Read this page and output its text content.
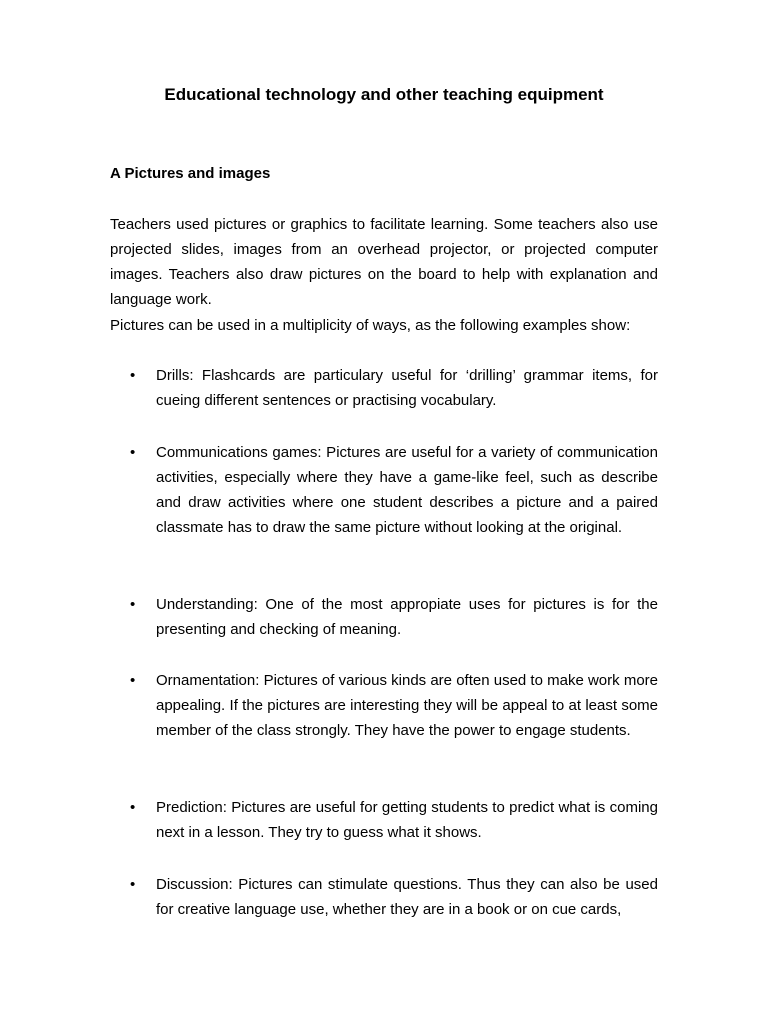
Educational technology and other teaching equipment
A Pictures and images

Teachers used pictures or graphics to facilitate learning. Some teachers also use projected slides, images from an overhead projector, or projected computer images. Teachers also draw pictures on the board to help with explanation and language work.

Pictures can be used in a multiplicity of ways, as the following examples show:

• Drills: Flashcards are particulary useful for ‘drilling’ grammar items, for cueing different sentences or practising vocabulary.

• Communications games: Pictures are useful for a variety of communication activities, especially where they have a game-like feel, such as describe and draw activities where one student describes a picture and a paired classmate has to draw the same picture without looking at the original.

• Understanding: One of the most appropiate uses for pictures is for the presenting and checking of meaning.

• Ornamentation: Pictures of various kinds are often used to make work more appealing. If the pictures are interesting they will be appeal to at least some member of the class strongly. They have the power to engage students.

• Prediction: Pictures are useful for getting students to predict what is coming next in a lesson. They try to guess what it shows.

• Discussion: Pictures can stimulate questions. Thus they can also be used for creative language use, whether they are in a book or on cue cards,
